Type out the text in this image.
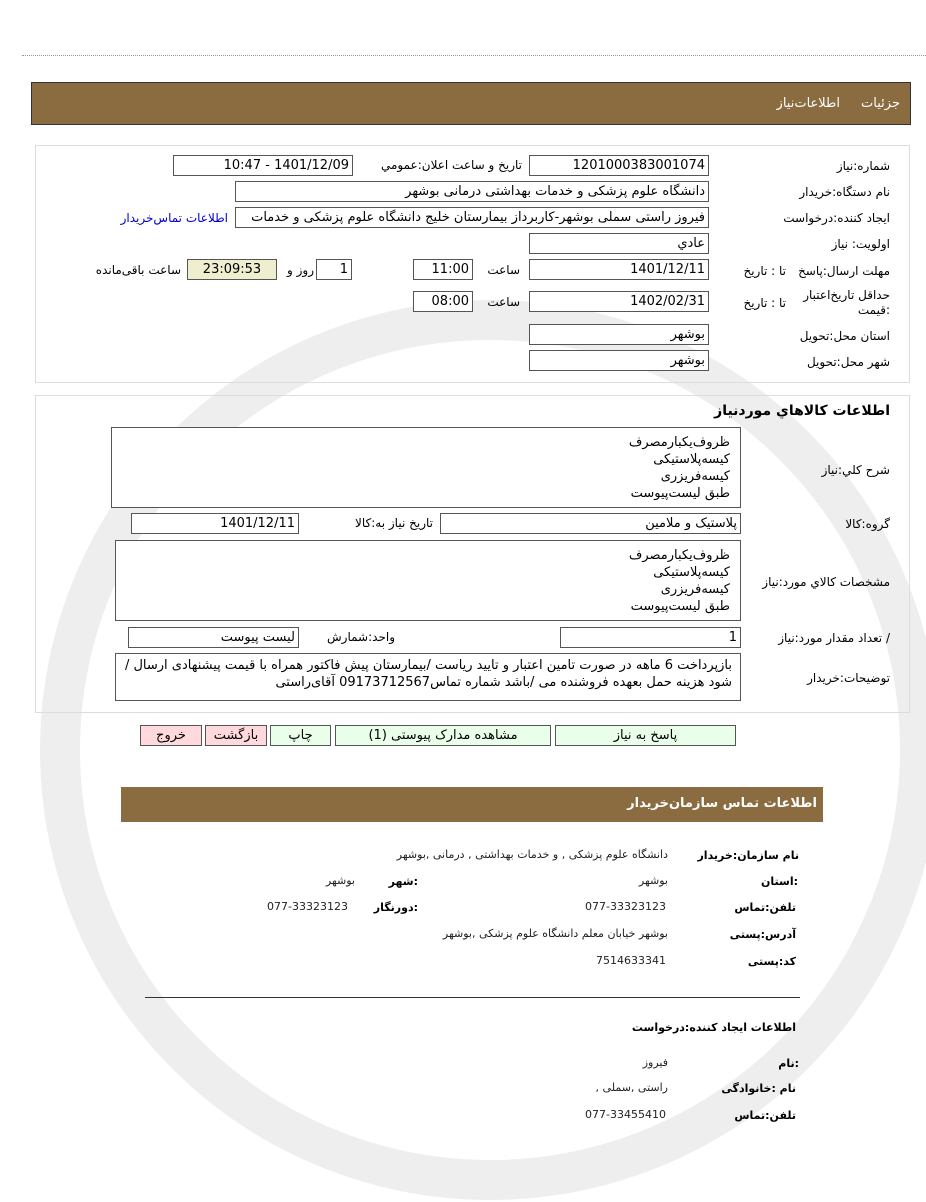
جزئیات
اطلاعات‌نیاز
شماره:نیاز
1201000383001074
تاریخ و ساعت اعلان:عمومي
1401/12/09 - 10:47
نام دستگاه:خریدار
دانشگاه علوم پزشکی و خدمات بهداشتی درمانی بوشهر
ایجاد کننده:درخواست
فیروز راستی سملی بوشهر-کاربرداز بیمارستان خلیج دانشگاه علوم پزشکی و خدمات
اطلاعات تماس‌خریدار
اولویت: نیاز
عادي
مهلت ارسال:پاسخ
تا : تاریخ
1401/12/11
ساعت
11:00
1
روز و
23:09:53
ساعت باقی‌مانده
حداقل تاریخ‌اعتبار :قیمت
تا : تاریخ
1402/02/31
ساعت
08:00
استان محل:تحویل
بوشهر
شهر محل:تحویل
بوشهر
اطلاعات کالاهاي موردنياز
شرح کلي:نیاز
ظروف‌یکبارمصرف
کیسه‌پلاستیکی
کیسه‌فریزری
طبق لیست‌پیوست
گروه:کالا
پلاستیک و ملامین
تاریخ نیاز به:کالا
1401/12/11
مشخصات کالاي مورد:نیاز
ظروف‌یکبارمصرف
کیسه‌پلاستیکی
کیسه‌فریزری
طبق لیست‌پیوست
/ تعداد مقدار مورد:نیاز
1
واحد:شمارش
لیست پیوست
توضیحات:خریدار
بازپرداخت 6 ماهه در صورت تامین اعتبار و تایید ریاست /بیمارستان پیش فاکتور همراه با قیمت پیشنهادی ارسال /شود هزینه حمل بعهده فروشنده می /باشد شماره تماس09173712567 آقای‌راستی
پاسخ به نیاز
مشاهده مدارک پیوستی (1)
چاپ
بازگشت
خروج
اطلاعات تماس سازمان‌خریدار
نام سازمان:خریدار
دانشگاه علوم پزشکی , و خدمات بهداشتی , درمانی ,بوشهر
:استان
بوشهر
:شهر
بوشهر
تلفن:تماس
077-33323123
:دورنگار
077-33323123
آدرس:پستی
بوشهر خیابان معلم دانشگاه علوم پزشکی ,بوشهر
کد:پستی
7514633341
اطلاعات ایجاد کننده:درخواست
:نام
فیروز
نام :خانوادگی
راستی ,سملی ,
تلفن:تماس
077-33455410
